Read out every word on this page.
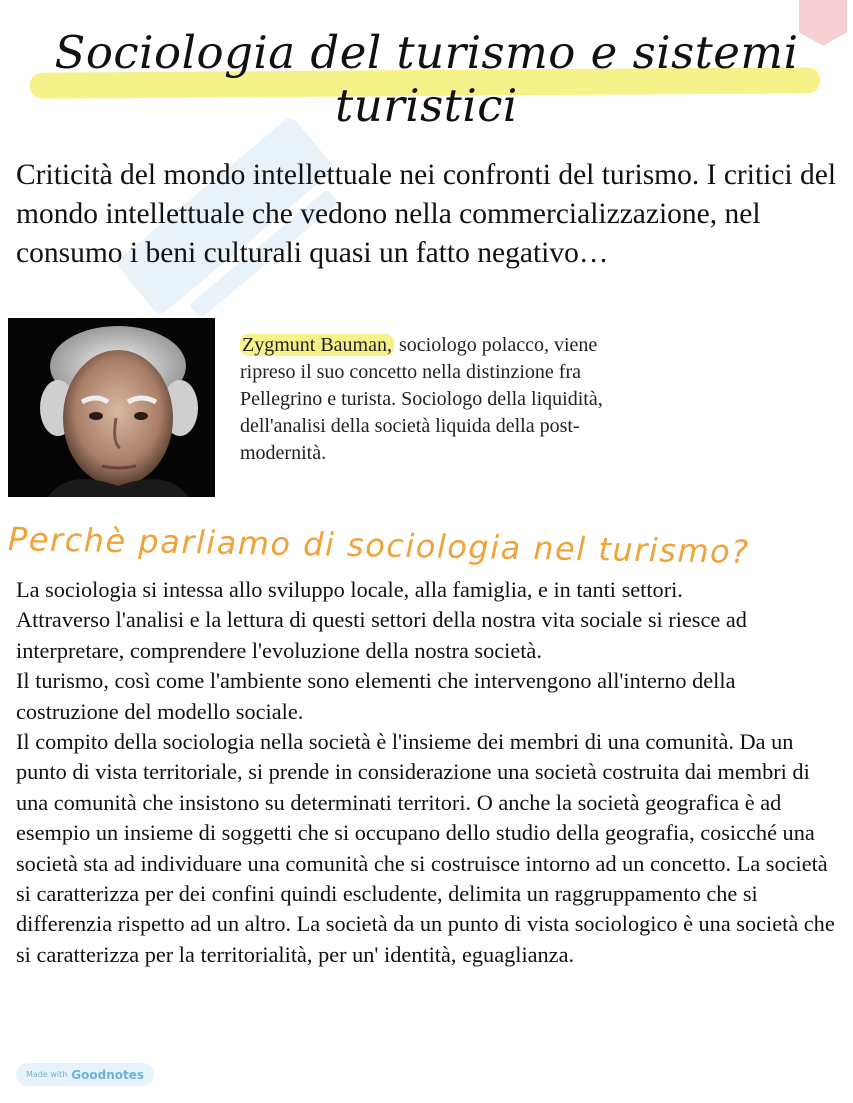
Sociologia del turismo e sistemi turistici
Criticità del mondo intellettuale nei confronti del turismo. I critici del mondo intellettuale che vedono nella commercializzazione, nel consumo i beni culturali quasi un fatto negativo…
Zygmunt Bauman, sociologo polacco, viene ripreso il suo concetto nella distinzione fra Pellegrino e turista. Sociologo della liquidità, dell'analisi della società liquida della post-modernità.
Perchè parliamo di sociologia nel turismo?

La sociologia si intessa allo sviluppo locale, alla famiglia, e in tanti settori.

Attraverso l'analisi e la lettura di questi settori della nostra vita sociale si riesce ad interpretare, comprendere l'evoluzione della nostra società.

Il turismo, così come l'ambiente sono elementi che intervengono all'interno della costruzione del modello sociale.

Il compito della sociologia nella società è l'insieme dei membri di una comunità. Da un punto di vista territoriale, si prende in considerazione una società costruita dai membri di una comunità che insistono su determinati territori. O anche la società geografica è ad esempio un insieme di soggetti che si occupano dello studio della geografia, cosicché una società sta ad individuare una comunità che si costruisce intorno ad un concetto. La società si caratterizza per dei confini quindi escludente, delimita un raggruppamento che si differenzia rispetto ad un altro. La società da un punto di vista sociologico è una società che si caratterizza per la territorialità, per un' identità, eguaglianza.

Made with Goodnotes
